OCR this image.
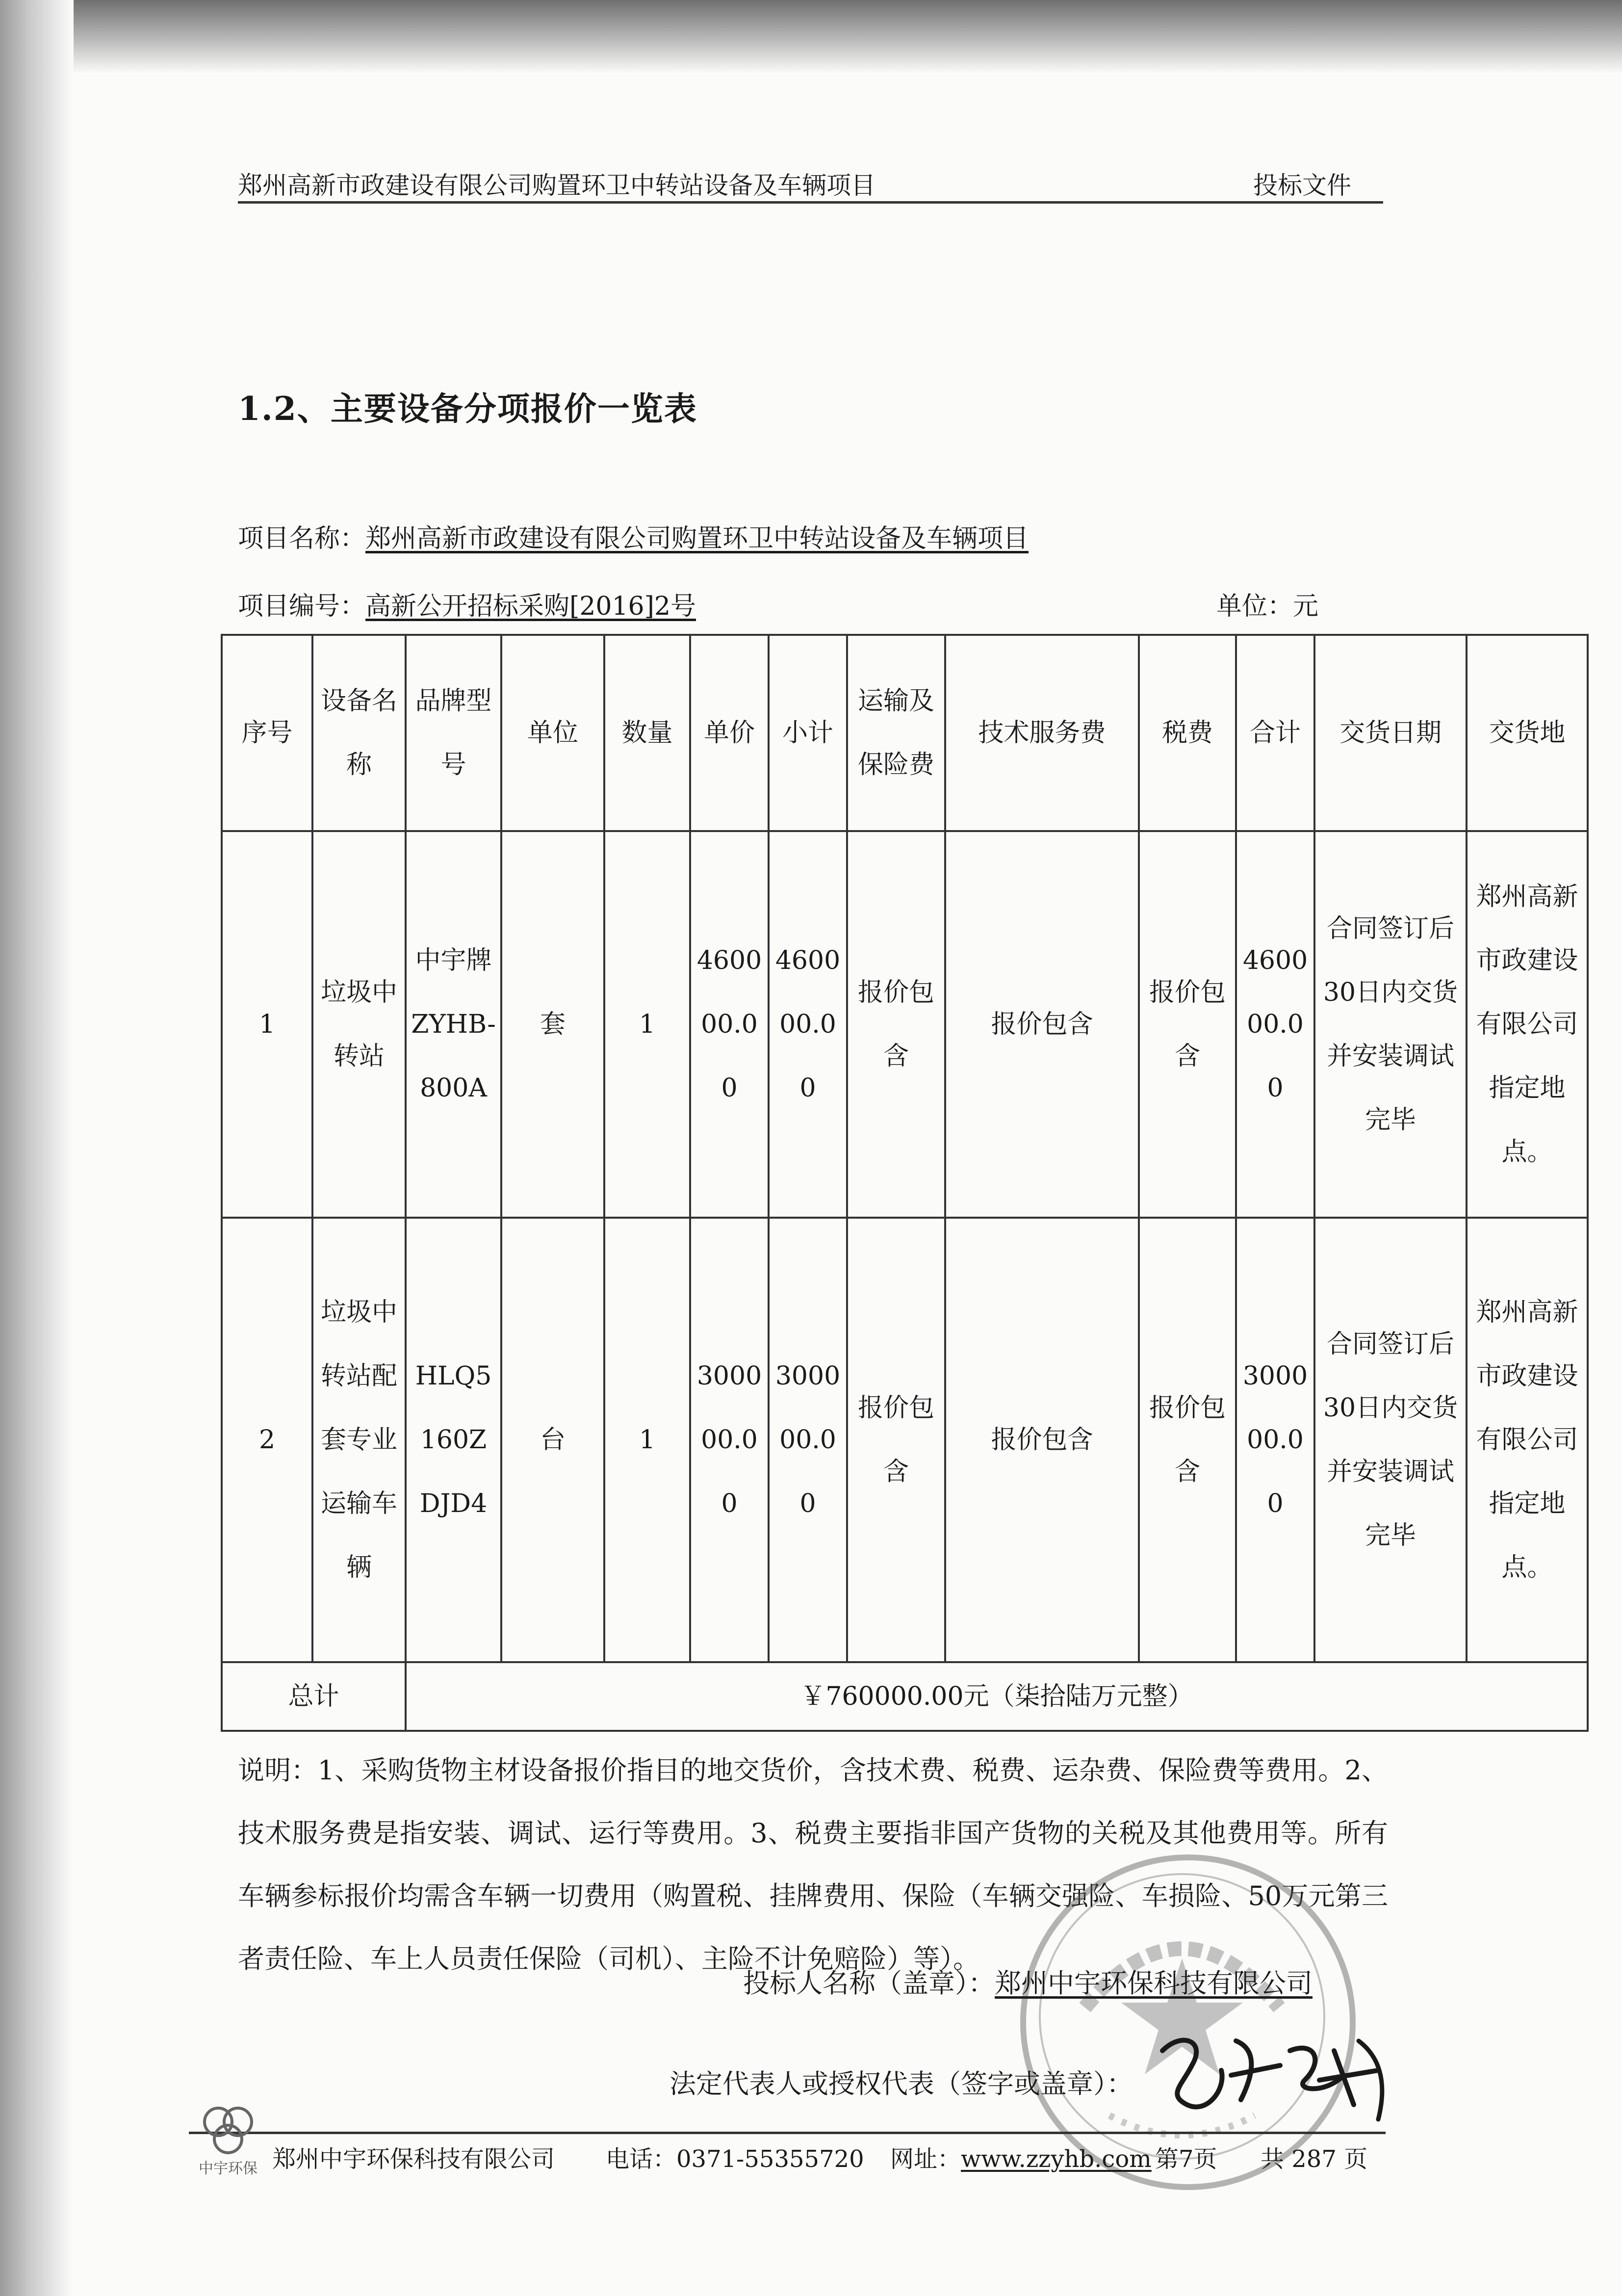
郑州高新市政建设有限公司购置环卫中转站设备及车辆项目	投标文件
1.2、主要设备分项报价一览表
项目名称：郑州高新市政建设有限公司购置环卫中转站设备及车辆项目
项目编号：高新公开招标采购[2016]2号	单位：元
序号	设备名称	品牌型号	单位	数量	单价	小计	运输及保险费	技术服务费	税费	合计	交货日期	交货地
1	垃圾中转站	中宇牌ZYHB-800A	套	1	460000.00	460000.00	报价包含	报价包含	报价包含	460000.00	合同签订后30日内交货并安装调试完毕	郑州高新市政建设有限公司指定地点。
2	垃圾中转站配套专业运输车辆	HLQ5160ZDJD4	台	1	300000.00	300000.00	报价包含	报价包含	报价包含	300000.00	合同签订后30日内交货并安装调试完毕	郑州高新市政建设有限公司指定地点。
总计		￥760000.00元（柒拾陆万元整）										
说明：1、采购货物主材设备报价指目的地交货价，含技术费、税费、运杂费、保险费等费用。2、技术服务费是指安装、调试、运行等费用。3、税费主要指非国产货物的关税及其他费用等。所有车辆参标报价均需含车辆一切费用（购置税、挂牌费用、保险（车辆交强险、车损险、50万元第三者责任险、车上人员责任保险（司机）、主险不计免赔险）等）。
投标人名称（盖章）：郑州中宇环保科技有限公司
法定代表人或授权代表（签字或盖章）：
中宇环保 郑州中宇环保科技有限公司 电话：0371-55355720 网址：www.zzyhb.com 第7页 共 287 页
